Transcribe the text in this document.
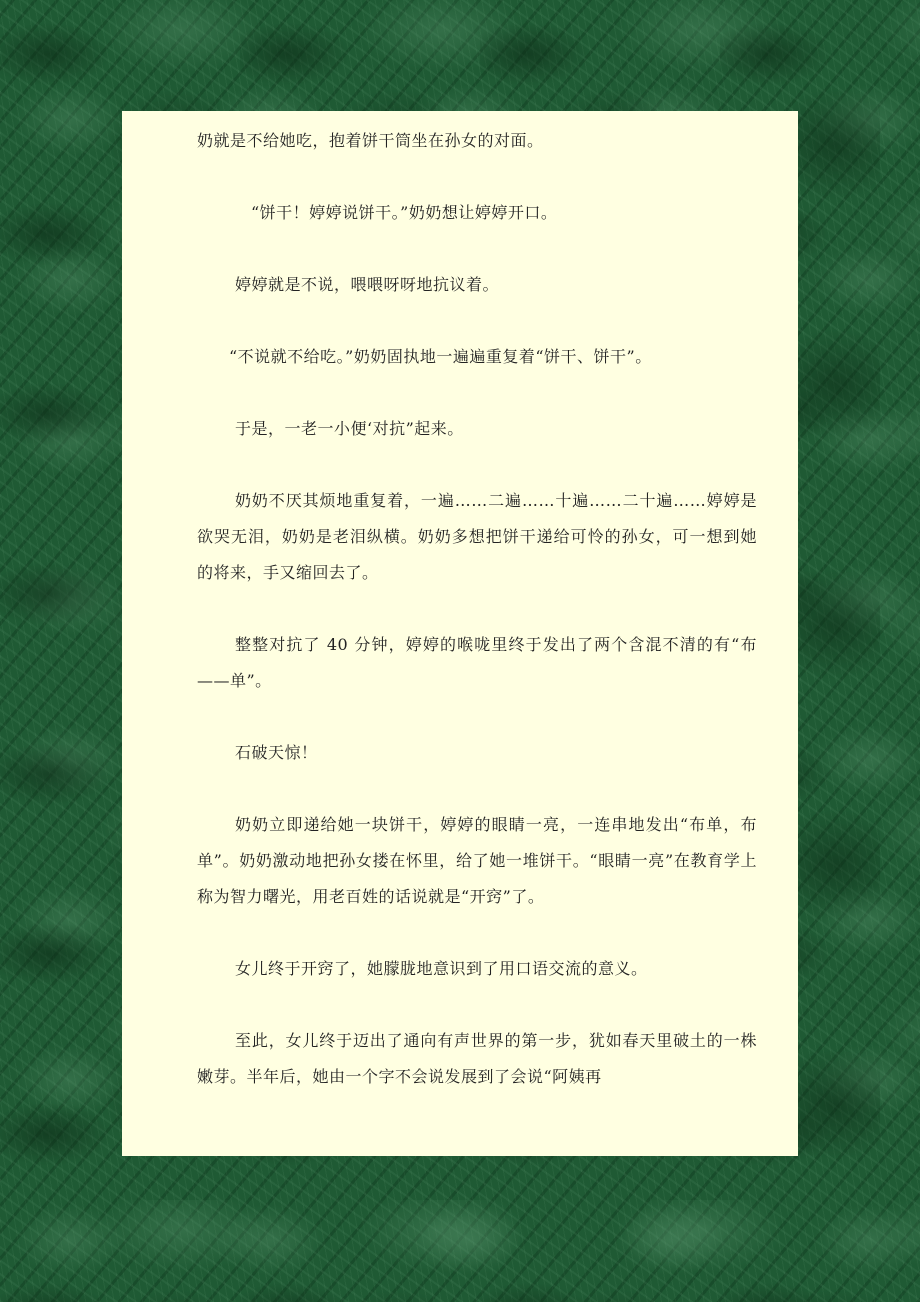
奶就是不给她吃，抱着饼干筒坐在孙女的对面。

“饼干！婷婷说饼干。”奶奶想让婷婷开口。

婷婷就是不说，喂喂呀呀地抗议着。

“不说就不给吃。”奶奶固执地一遍遍重复着“饼干、饼干”。

于是，一老一小便‘对抗”起来。

奶奶不厌其烦地重复着，一遍……二遍……十遍……二十遍……婷婷是欲哭无泪，奶奶是老泪纵横。奶奶多想把饼干递给可怜的孙女，可一想到她的将来，手又缩回去了。

整整对抗了 40 分钟，婷婷的喉咙里终于发出了两个含混不清的有“布——单”。

石破天惊！

奶奶立即递给她一块饼干，婷婷的眼睛一亮，一连串地发出“布单，布单”。奶奶激动地把孙女搂在怀里，给了她一堆饼干。“眼睛一亮”在教育学上称为智力曙光，用老百姓的话说就是“开窍”了。

女儿终于开窍了，她朦胧地意识到了用口语交流的意义。

至此，女儿终于迈出了通向有声世界的第一步，犹如春天里破土的一株嫩芽。半年后，她由一个字不会说发展到了会说“阿姨再
